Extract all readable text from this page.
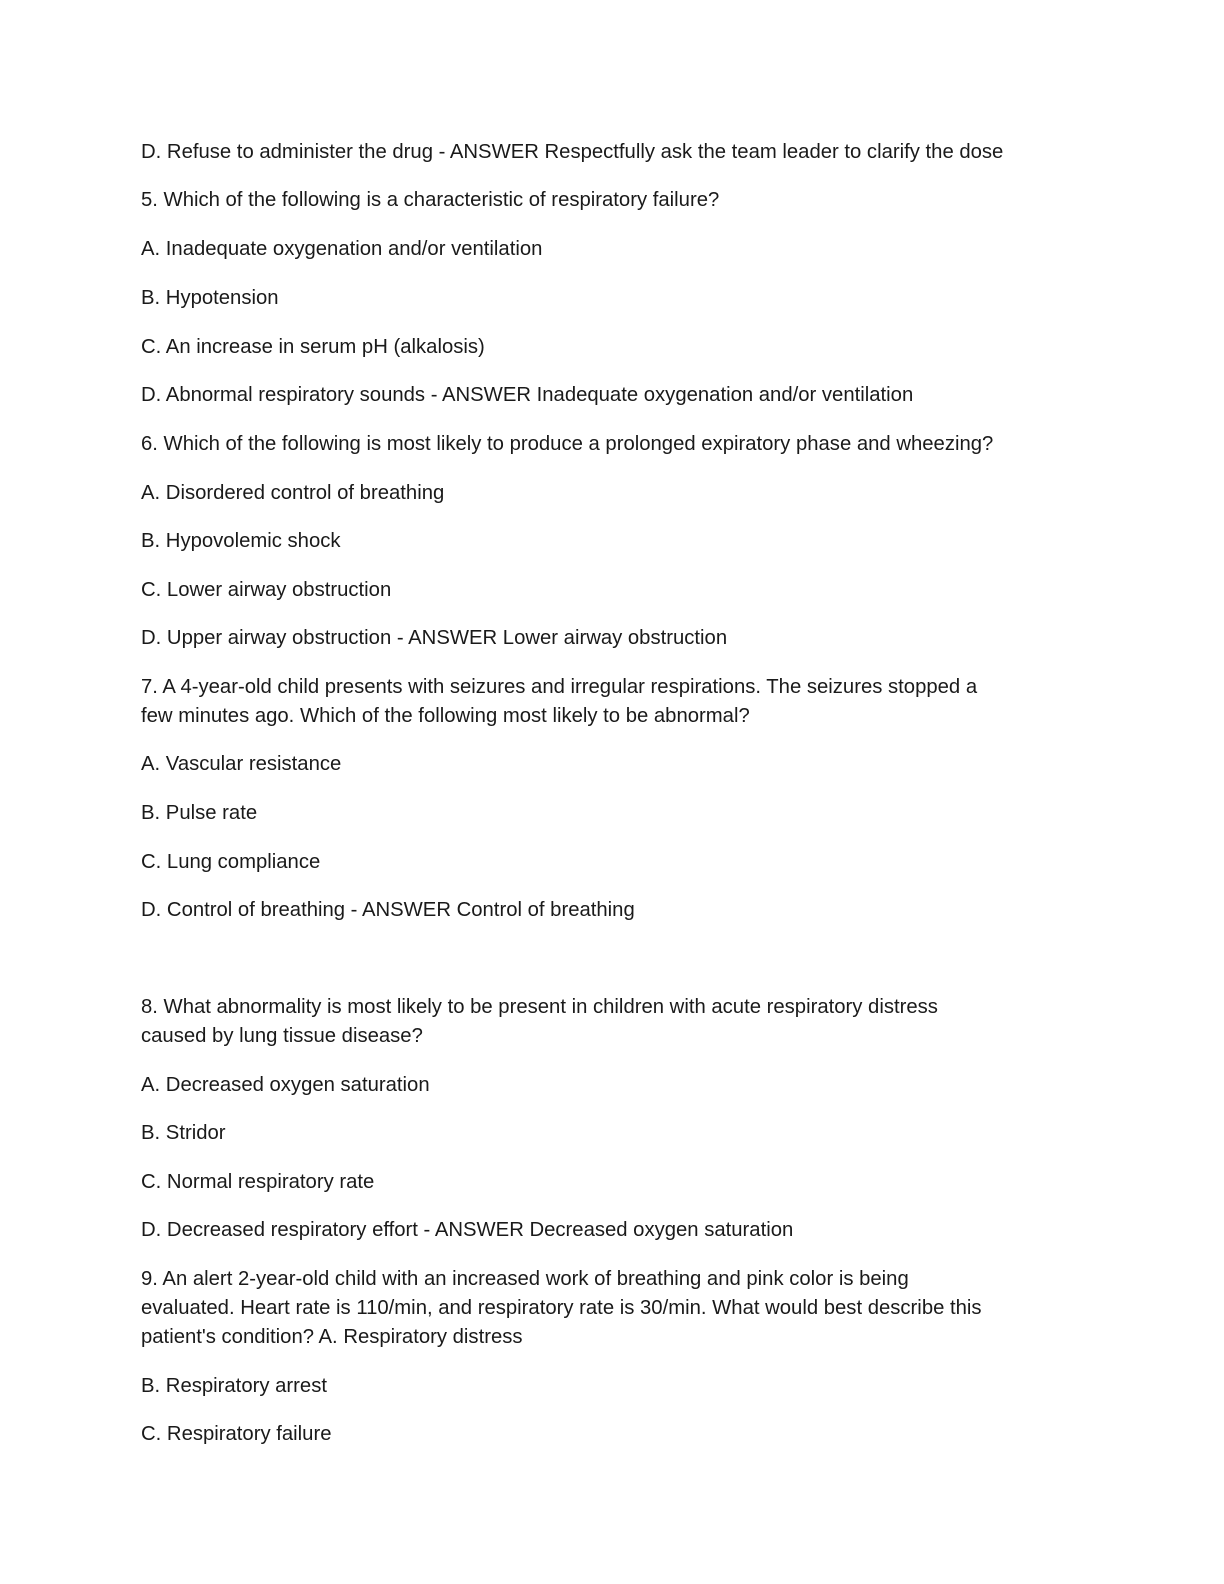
D. Refuse to administer the drug - ANSWER Respectfully ask the team leader to clarify the dose

5. Which of the following is a characteristic of respiratory failure?

A. Inadequate oxygenation and/or ventilation

B. Hypotension

C. An increase in serum pH (alkalosis)

D. Abnormal respiratory sounds - ANSWER Inadequate oxygenation and/or ventilation

6. Which of the following is most likely to produce a prolonged expiratory phase and wheezing?

A. Disordered control of breathing

B. Hypovolemic shock

C. Lower airway obstruction

D. Upper airway obstruction - ANSWER Lower airway obstruction

7. A 4-year-old child presents with seizures and irregular respirations. The seizures stopped a

few minutes ago. Which of the following most likely to be abnormal?

A. Vascular resistance

B. Pulse rate

C. Lung compliance

D. Control of breathing - ANSWER Control of breathing

8. What abnormality is most likely to be present in children with acute respiratory distress

caused by lung tissue disease?

A. Decreased oxygen saturation

B. Stridor

C. Normal respiratory rate

D. Decreased respiratory effort - ANSWER Decreased oxygen saturation

9. An alert 2-year-old child with an increased work of breathing and pink color is being

evaluated. Heart rate is 110/min, and respiratory rate is 30/min. What would best describe this

patient's condition? A. Respiratory distress

B. Respiratory arrest

C. Respiratory failure
